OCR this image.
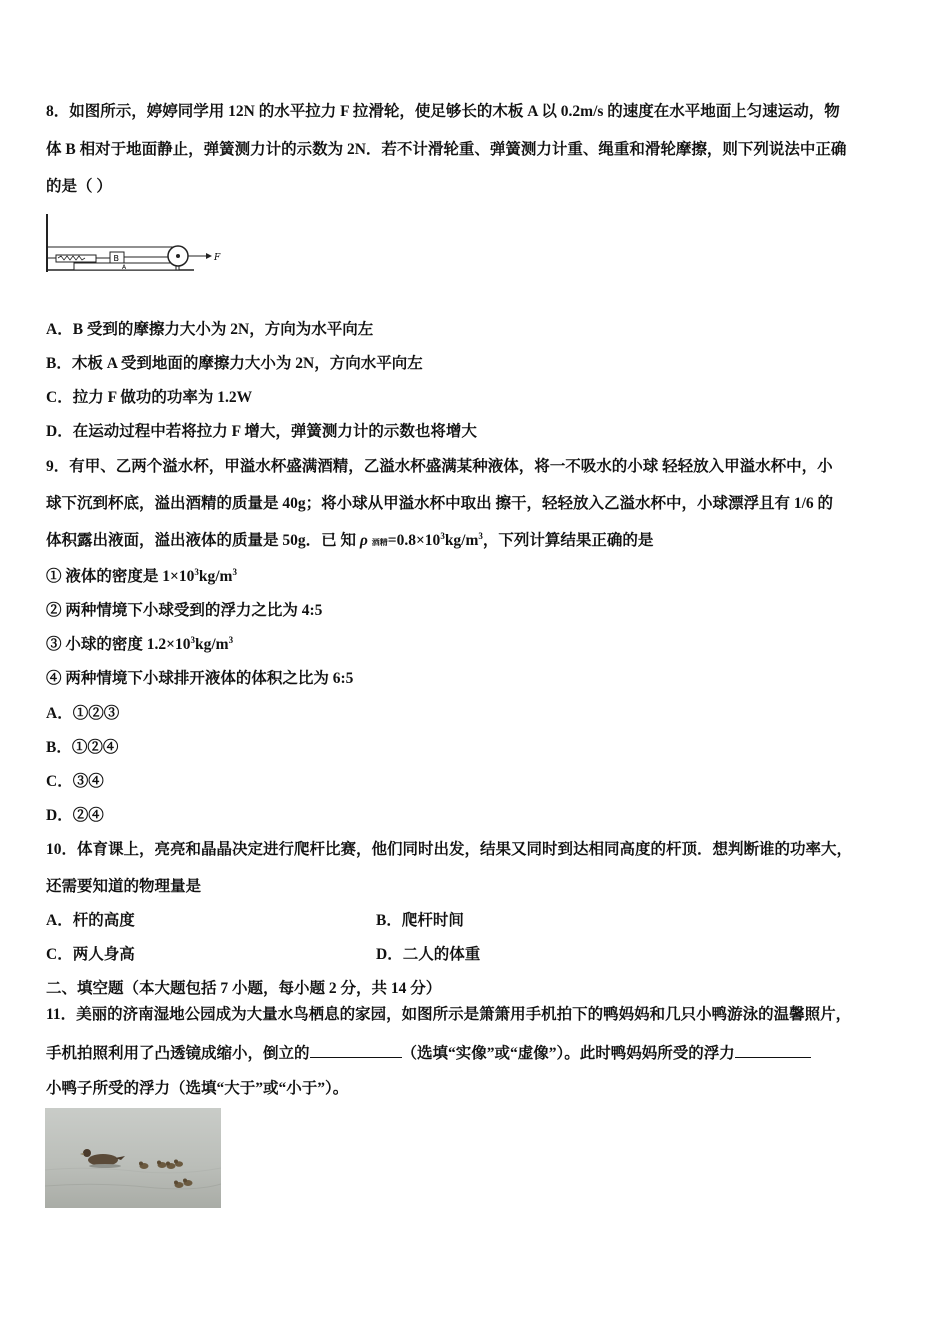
8．如图所示，婷婷同学用 12N 的水平拉力 F 拉滑轮，使足够长的木板 A 以 0.2m/s 的速度在水平地面上匀速运动，物
体 B 相对于地面静止，弹簧测力计的示数为 2N．若不计滑轮重、弹簧测力计重、绳重和滑轮摩擦，则下列说法中正确
的是（ ）
B
A
F
A．B 受到的摩擦力大小为 2N，方向为水平向左
B．木板 A 受到地面的摩擦力大小为 2N，方向水平向左
C．拉力 F 做功的功率为 1.2W
D．在运动过程中若将拉力 F 增大，弹簧测力计的示数也将增大
9．有甲、乙两个溢水杯，甲溢水杯盛满酒精，乙溢水杯盛满某种液体，将一不吸水的小球 轻轻放入甲溢水杯中，小
球下沉到杯底，溢出酒精的质量是 40g；将小球从甲溢水杯中取出 擦干，轻轻放入乙溢水杯中，小球漂浮且有 1/6 的
体积露出液面，溢出液体的质量是 50g．已 知 ρ 酒精$=0.8\times 10^3kg/m^3$，下列计算结果正确的是
① 液体的密度是 $1\times 10^3kg/m^3$
② 两种情境下小球受到的浮力之比为 4:5
③ 小球的密度 $1.2\times 10^3kg/m^3$
④ 两种情境下小球排开液体的体积之比为 6:5
A．①②③
B．①②④
C．③④
D．②④
10．体育课上，亮亮和晶晶决定进行爬杆比赛，他们同时出发，结果又同时到达相同高度的杆顶．想判断谁的功率大，
还需要知道的物理量是
A．杆的高度	B．爬杆时间
C．两人身高	D．二人的体重
二、填空题（本大题包括 7 小题，每小题 2 分，共 14 分）
11．美丽的济南湿地公园成为大量水鸟栖息的家园，如图所示是箫箫用手机拍下的鸭妈妈和几只小鸭游泳的温馨照片，
手机拍照利用了凸透镜成缩小，倒立的	（选填“实像”或“虚像”）。此时鸭妈妈所受的浮力
小鸭子所受的浮力（选填“大于”或“小于”）。
